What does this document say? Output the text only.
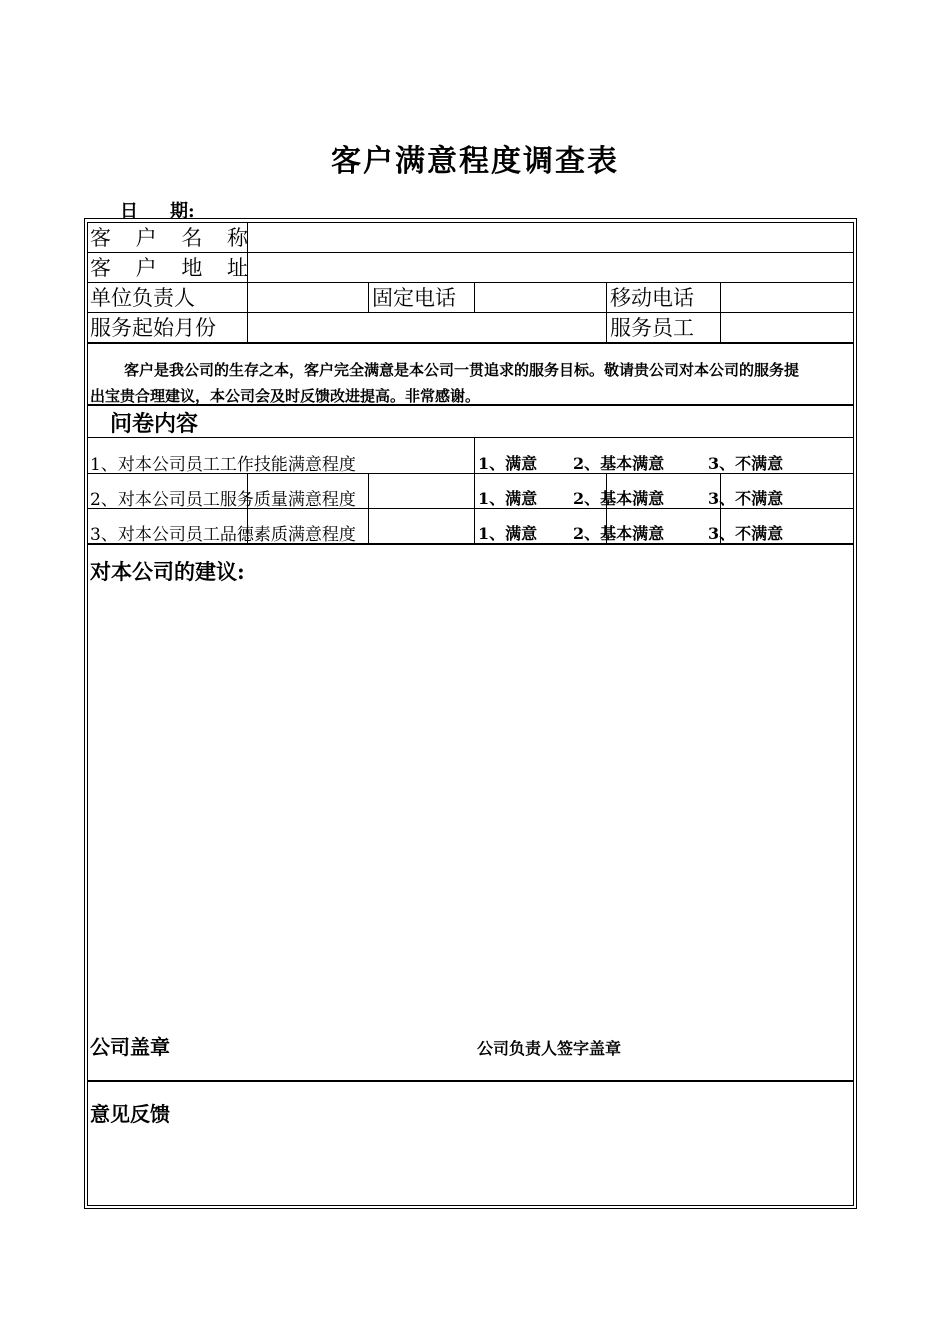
客户满意程度调查表
日 期:
客 户 名 称
客 户 地 址
单位负责人	固定电话	移动电话
服务起始月份	服务员工
客户是我公司的生存之本，客户完全满意是本公司一贯追求的服务目标。敬请贵公司对本公司的服务提出宝贵合理建议，本公司会及时反馈改进提高。非常感谢。
问卷内容
1、对本公司员工工作技能满意程度	1、满意 2、基本满意	3、不满意
2、对本公司员工服务质量满意程度	1、满意 2、基本满意	3、不满意
3、对本公司员工品德素质满意程度	1、满意 2、基本满意	3、不满意
对本公司的建议:
公司盖章	公司负责人签字盖章
意见反馈
